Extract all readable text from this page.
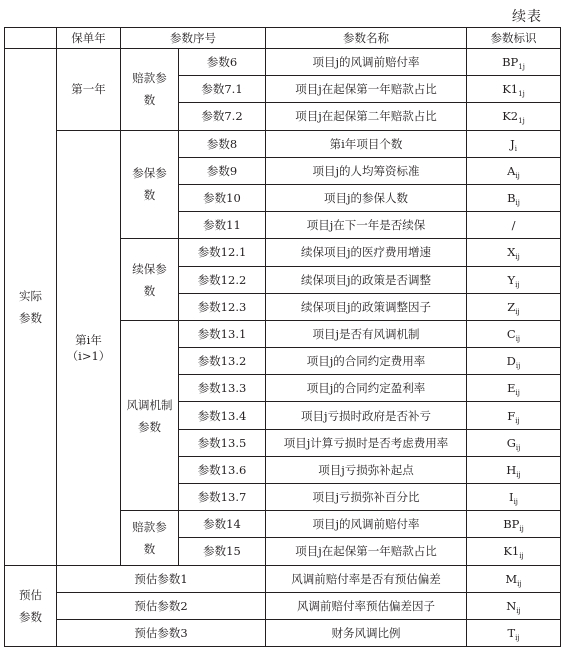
续表
	保单年	参数序号		参数名称	参数标识

实际参数	第一年	赔款参数	参数6	项目j的风调前赔付率	$BP_{1j}$
			参数7.1	项目j在起保第一年赔款占比	$K1_{1j}$
			参数7.2	项目j在起保第二年赔款占比	$K2_{1j}$

	第i年
（i>1）	参保参数	参数8	第i年项目个数	$J_i$
			参数9	项目j的人均筹资标准	$A_{ij}$
			参数10	项目j的参保人数	$B_{ij}$
			参数11	项目j在下一年是否续保	/

		续保参数	参数12.1	续保项目j的医疗费用增速	$X_{ij}$
			参数12.2	续保项目j的政策是否调整	$Y_{ij}$
			参数12.3	续保项目j的政策调整因子	$Z_{ij}$

		风调机制参数	参数13.1	项目j是否有风调机制	$C_{ij}$
			参数13.2	项目j的合同约定费用率	$D_{ij}$
			参数13.3	项目j的合同约定盈利率	$E_{ij}$
			参数13.4	项目j亏损时政府是否补亏	$F_{ij}$
			参数13.5	项目j计算亏损时是否考虑费用率	$G_{ij}$
			参数13.6	项目j亏损弥补起点	$H_{ij}$
			参数13.7	项目j亏损弥补百分比	$I_{ij}$

		赔款参数	参数14	项目j的风调前赔付率	$BP_{ij}$
			参数15	项目j在起保第一年赔款占比	$K1_{ij}$

预估参数	预估参数1			风调前赔付率是否有预估偏差	$M_{ij}$
	预估参数2			风调前赔付率预估偏差因子	$N_{ij}$
	预估参数3			财务风调比例	$T_{ij}$
